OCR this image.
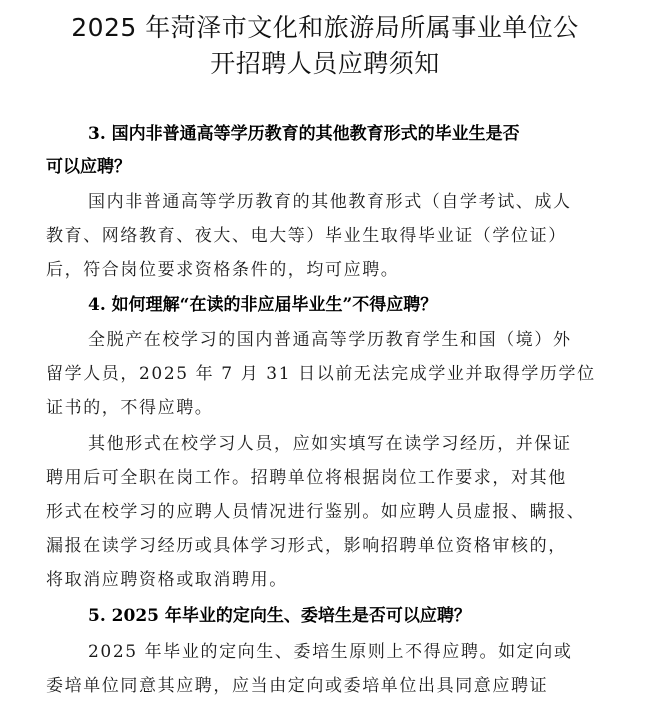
2025 年菏泽市文化和旅游局所属事业单位公
开招聘人员应聘须知
3. 国内非普通高等学历教育的其他教育形式的毕业生是否
可以应聘？
国内非普通高等学历教育的其他教育形式（自学考试、成人
教育、网络教育、夜大、电大等）毕业生取得毕业证（学位证）
后，符合岗位要求资格条件的，均可应聘。
4. 如何理解“在读的非应届毕业生”不得应聘？
全脱产在校学习的国内普通高等学历教育学生和国（境）外
留学人员，2025 年 7 月 31 日以前无法完成学业并取得学历学位
证书的，不得应聘。
其他形式在校学习人员，应如实填写在读学习经历，并保证
聘用后可全职在岗工作。招聘单位将根据岗位工作要求，对其他
形式在校学习的应聘人员情况进行鉴别。如应聘人员虚报、瞒报、
漏报在读学习经历或具体学习形式，影响招聘单位资格审核的，
将取消应聘资格或取消聘用。
5. 2025 年毕业的定向生、委培生是否可以应聘？
2025 年毕业的定向生、委培生原则上不得应聘。如定向或
委培单位同意其应聘，应当由定向或委培单位出具同意应聘证
